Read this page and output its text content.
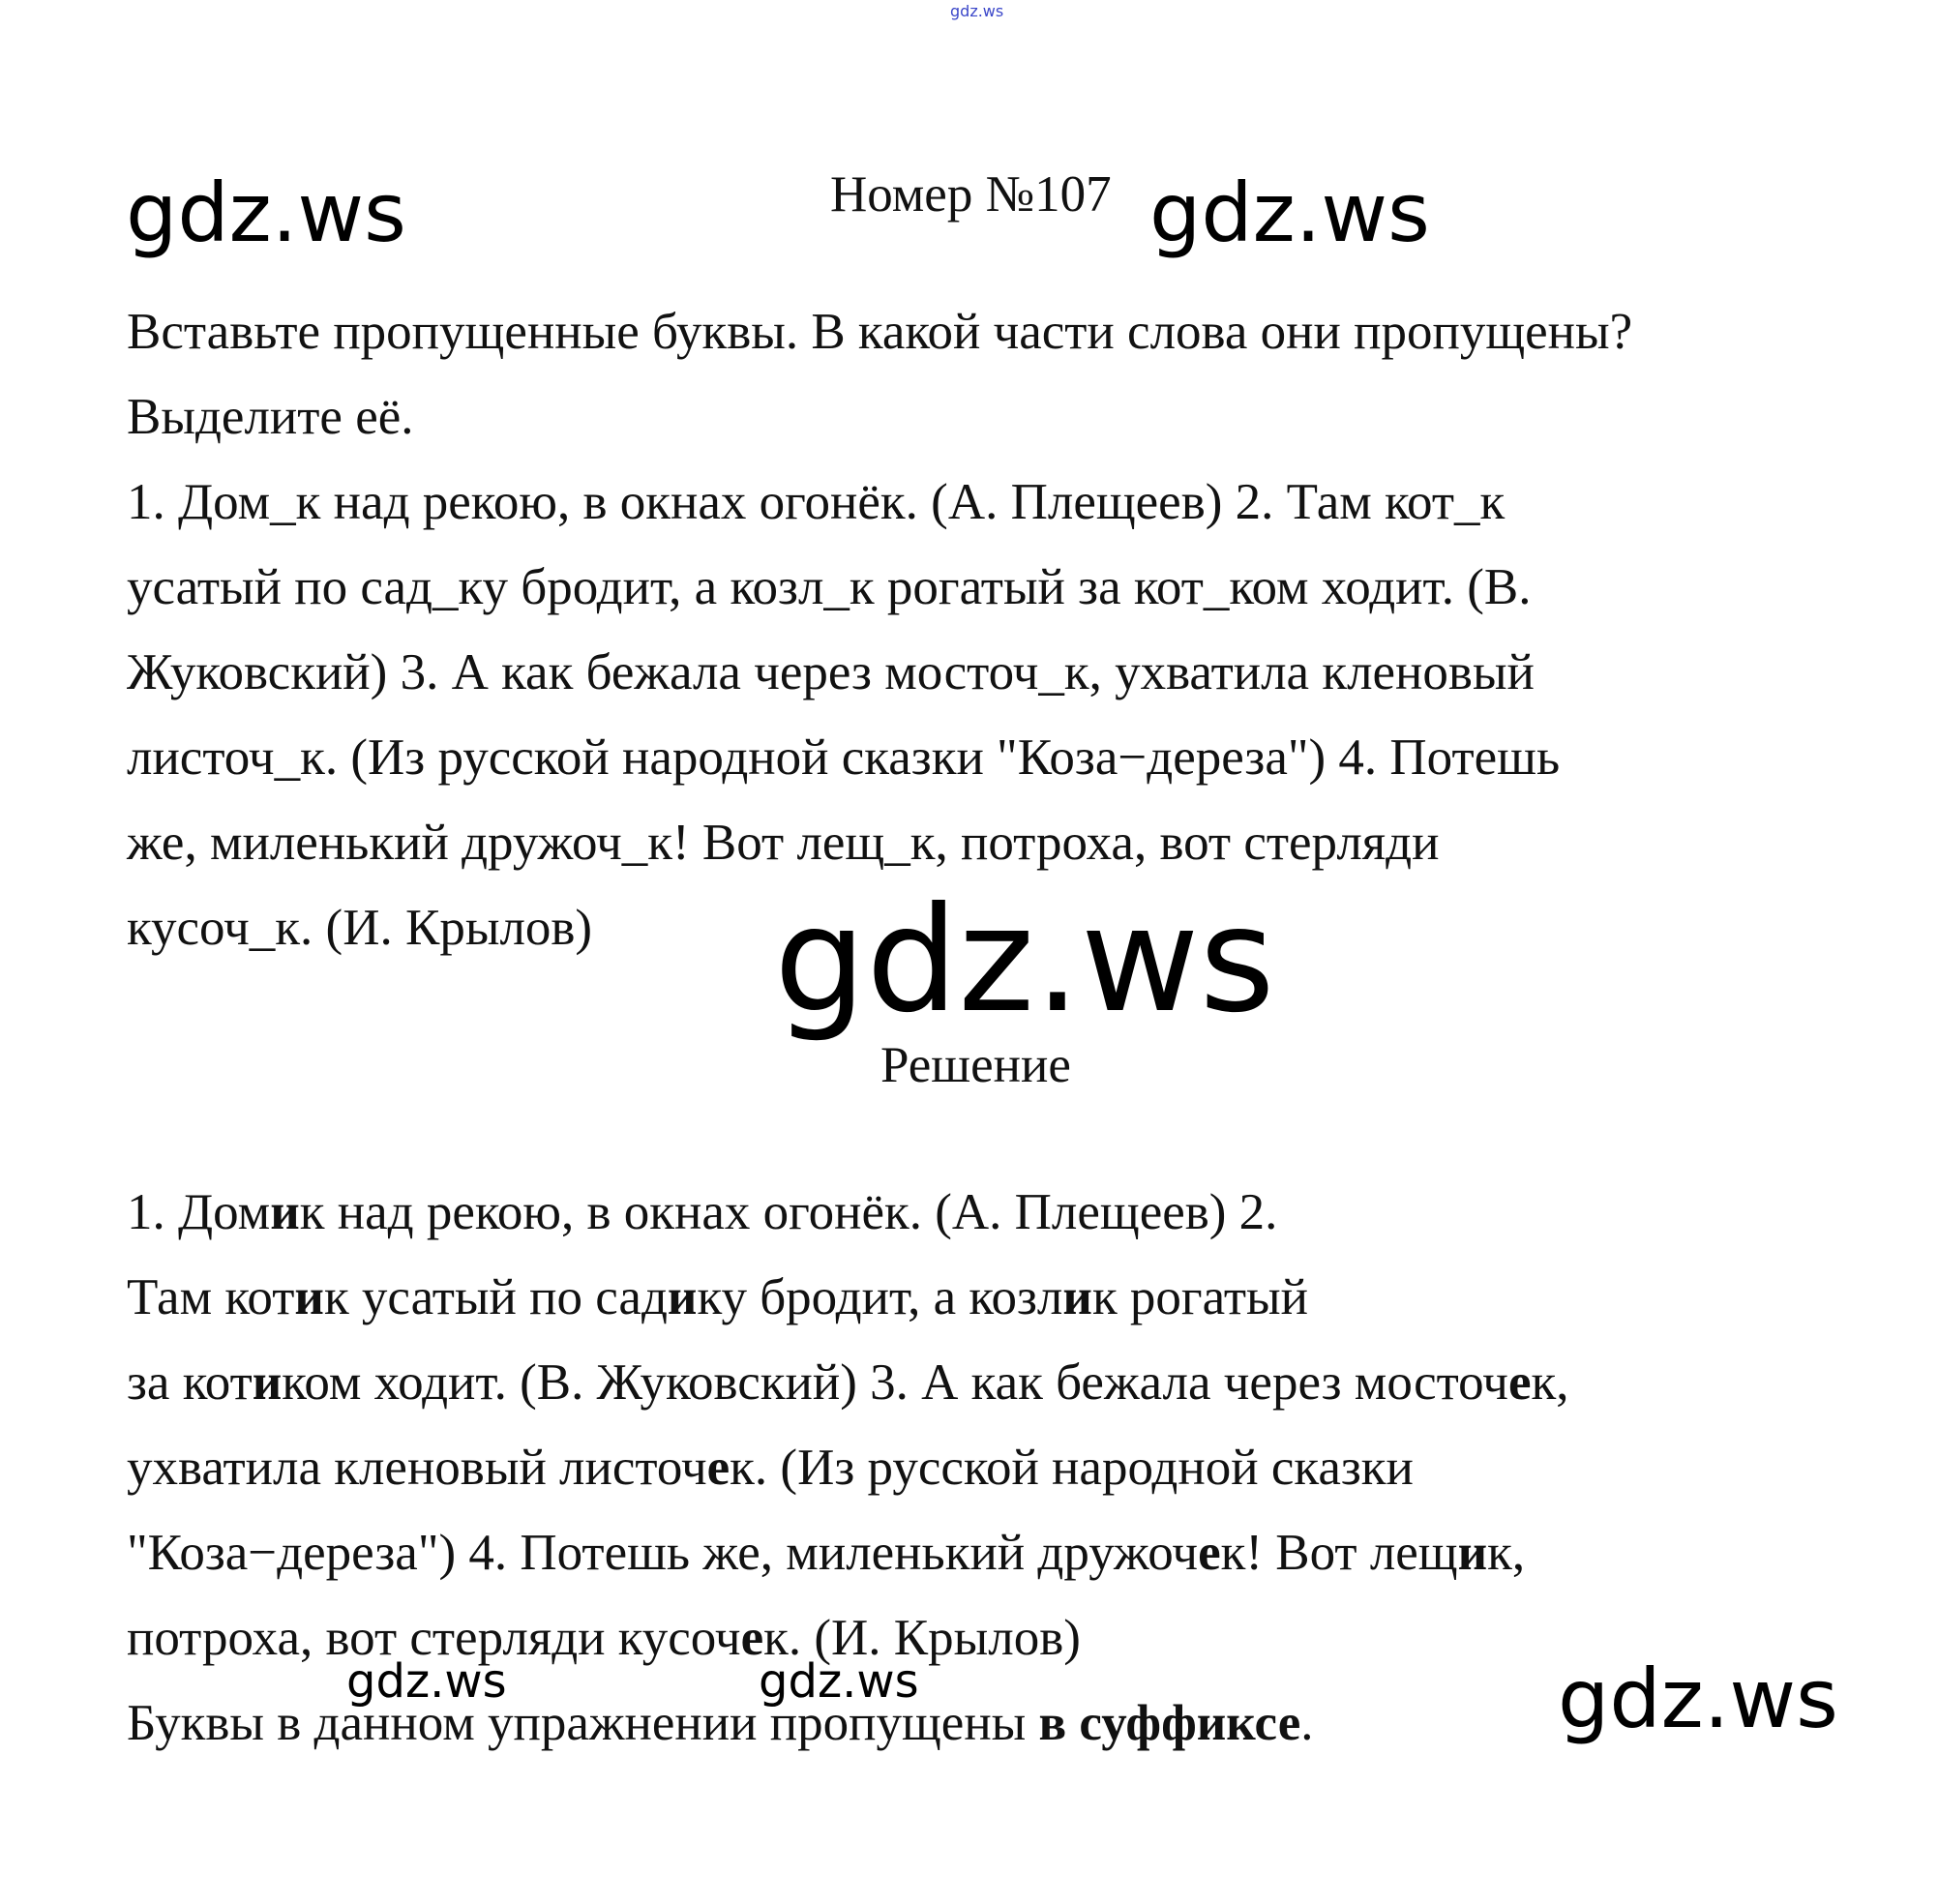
gdz.ws
gdz.ws	gdz.ws
gdz.ws
gdz.ws	gdz.ws	gdz.ws
Номер №107
Вставьте пропущенные буквы. В какой части слова они пропущены?
Выделите её.
1. Дом_к над рекою, в окнах огонёк. (А. Плещеев) 2. Там кот_к
усатый по сад_ку бродит, а козл_к рогатый за кот_ком ходит. (В.
Жуковский) 3. А как бежала через мосточ_к, ухватила кленовый
листоч_к. (Из русской народной сказки "Коза−дереза") 4. Потешь
же, миленький дружоч_к! Вот лещ_к, потроха, вот стерляди
кусоч_к. (И. Крылов)
Решение
1. Домик над рекою, в окнах огонёк. (А. Плещеев) 2.
Там котик усатый по садику бродит, а козлик рогатый
за котиком ходит. (В. Жуковский) 3. А как бежала через мосточек,
ухватила кленовый листочек. (Из русской народной сказки
"Коза−дереза") 4. Потешь же, миленький дружочек! Вот лещик,
потроха, вот стерляди кусочек. (И. Крылов)
Буквы в данном упражнении пропущены в суффиксе.
